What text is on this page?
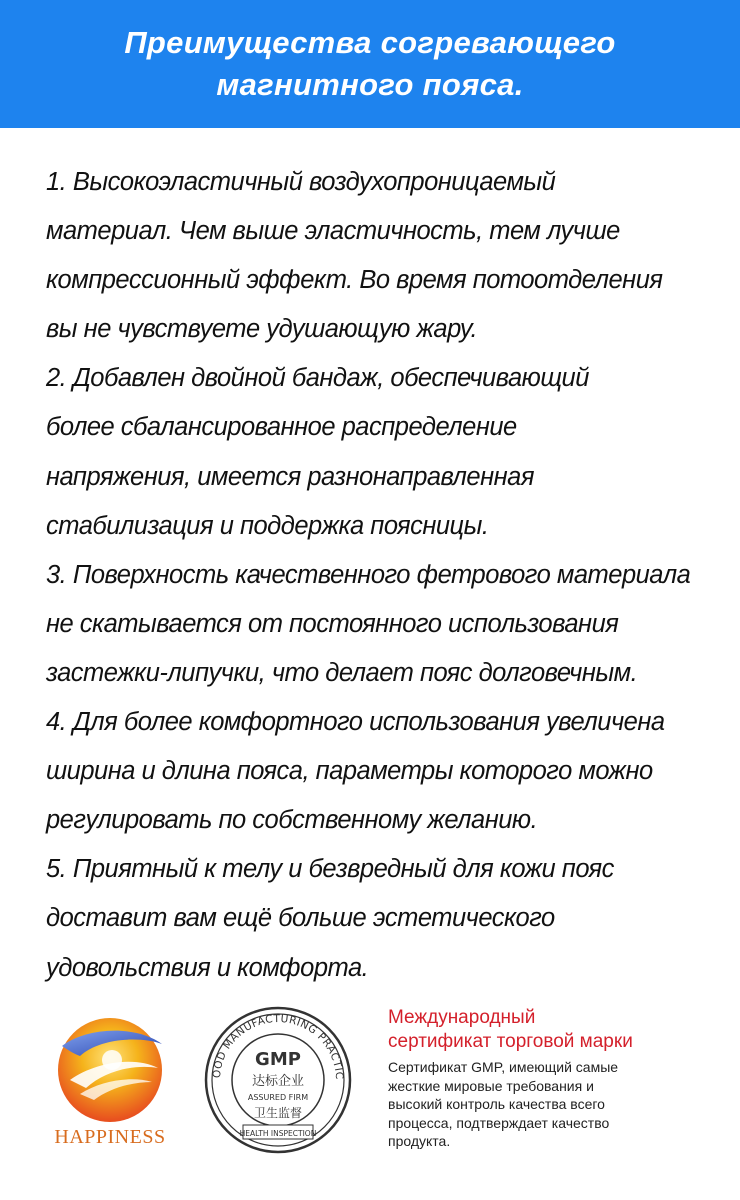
Преимущества согревающего
магнитного пояса.
1. Высокоэластичный воздухопроницаемый
материал. Чем выше эластичность, тем лучше
компрессионный эффект. Во время потоотделения
вы не чувствуете удушающую жару.
2. Добавлен двойной бандаж, обеспечивающий
более сбалансированное распределение
напряжения, имеется разнонаправленная
стабилизация и поддержка поясницы.
3. Поверхность качественного фетрового материала
не скатывается от постоянного использования
застежки-липучки, что делает пояс долговечным.
4. Для более комфортного использования увеличена
ширина и длина пояса, параметры которого можно
регулировать по собственному желанию.
5. Приятный к телу и безвредный для кожи пояс
доставит вам ещё больше эстетического
удовольствия и комфорта.
HAPPINESS
OOD MANUFACTURING PRACTIC
GMP
达标企业
ASSURED FIRM
卫生监督
HEALTH INSPECTION
Международный
сертификат торговой марки
Сертификат GMP, имеющий самые
жесткие мировые требования и
высокий контроль качества всего
процесса, подтверждает качество
продукта.
